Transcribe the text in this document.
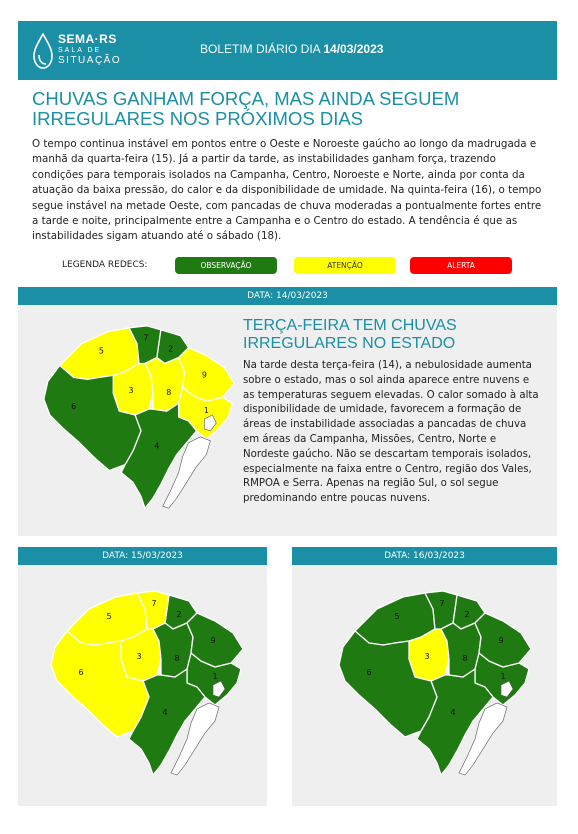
SEMA·RS
SALA DE
SITUAÇÃO
BOLETIM DIÁRIO DIA 14/03/2023
CHUVAS GANHAM FORÇA, MAS AINDA SEGUEM IRREGULARES NOS PRÓXIMOS DIAS

O tempo continua instável em pontos entre o Oeste e Noroeste gaúcho ao longo da madrugada e manhã da quarta-feira (15). Já a partir da tarde, as instabilidades ganham força, trazendo condições para temporais isolados na Campanha, Centro, Noroeste e Norte, ainda por conta da atuação da baixa pressão, do calor e da disponibilidade de umidade. Na quinta-feira (16), o tempo segue instável na metade Oeste, com pancadas de chuva moderadas a pontualmente fortes entre a tarde e noite, principalmente entre a Campanha e o Centro do estado. A tendência é que as instabilidades sigam atuando até o sábado (18).

LEGENDA REDECS:	OBSERVAÇÃO	ATENÇÃO	ALERTA
DATA: 14/03/2023
1
2
3
4
5
6
7
8
9
TERÇA-FEIRA TEM CHUVAS IRREGULARES NO ESTADO

Na tarde desta terça-feira (14), a nebulosidade aumenta sobre o estado, mas o sol ainda aparece entre nuvens e as temperaturas seguem elevadas. O calor somado à alta disponibilidade de umidade, favorecem a formação de áreas de instabilidade associadas a pancadas de chuva em áreas da Campanha, Missões, Centro, Norte e Nordeste gaúcho. Não se descartam temporais isolados, especialmente na faixa entre o Centro, região dos Vales, RMPOA e Serra. Apenas na região Sul, o sol segue predominando entre poucas nuvens.

DATA: 15/03/2023
1
2
3
4
5
6
7
8
9
DATA: 16/03/2023
1
2
3
4
5
6
7
8
9
